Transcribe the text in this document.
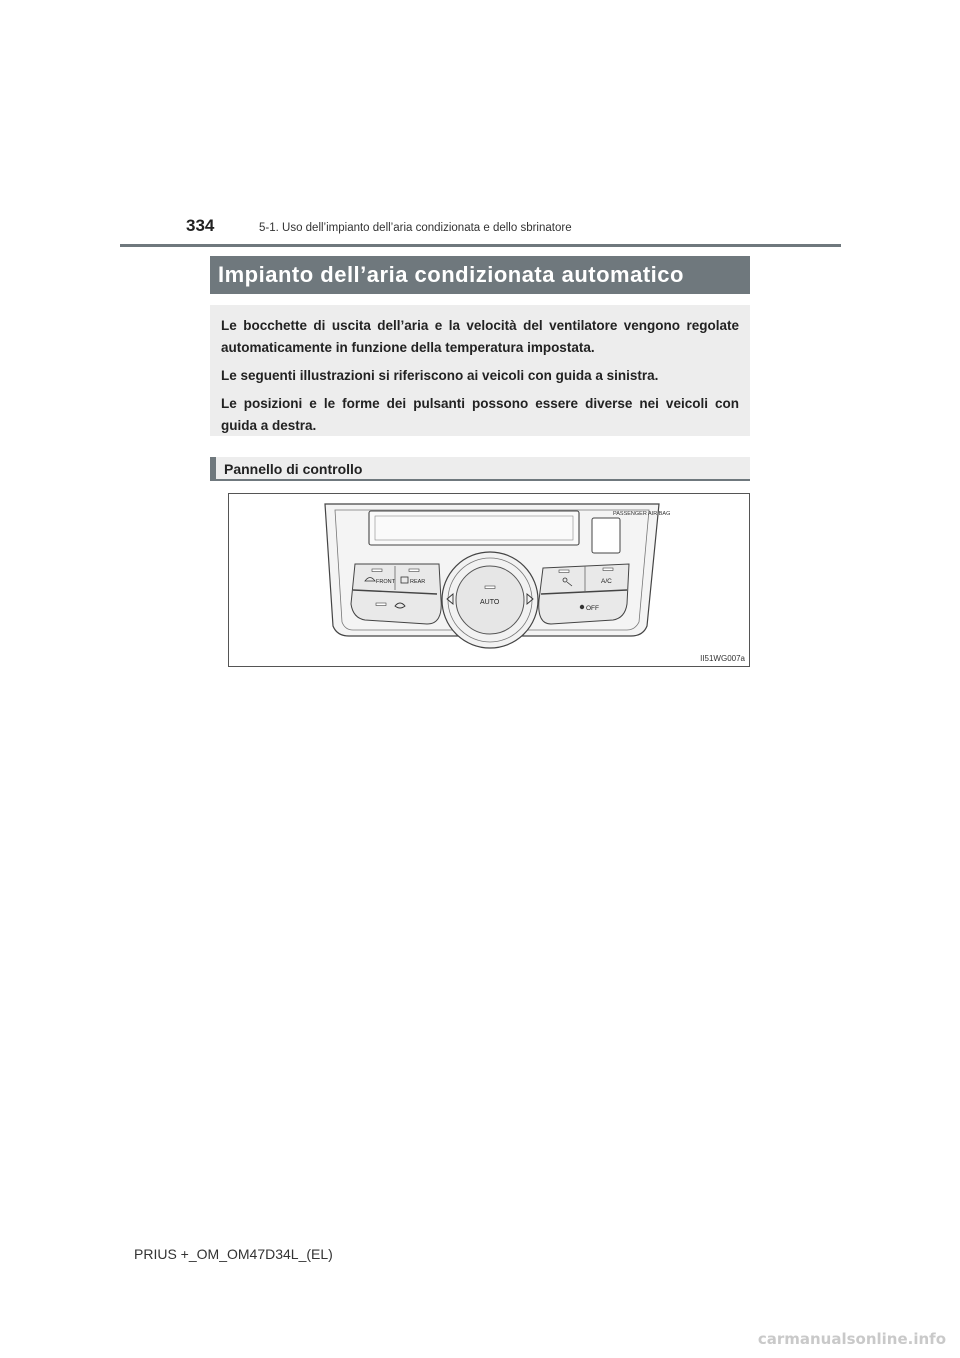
334	5-1. Uso dell’impianto dell’aria condizionata e dello sbrinatore
Impianto dell’aria condizionata automatico

Le bocchette di uscita dell’aria e la velocità del ventilatore vengono regolate automaticamente in funzione della temperatura impostata.

Le seguenti illustrazioni si riferiscono ai veicoli con guida a sinistra.

Le posizioni e le forme dei pulsanti possono essere diverse nei veicoli con guida a destra.

Pannello di controllo
PASSENGER AIR BAG
FRONT	REAR
AUTO
A/C
OFF
II51WG007a
PRIUS +_OM_OM47D34L_(EL)
carmanualsonline.info
